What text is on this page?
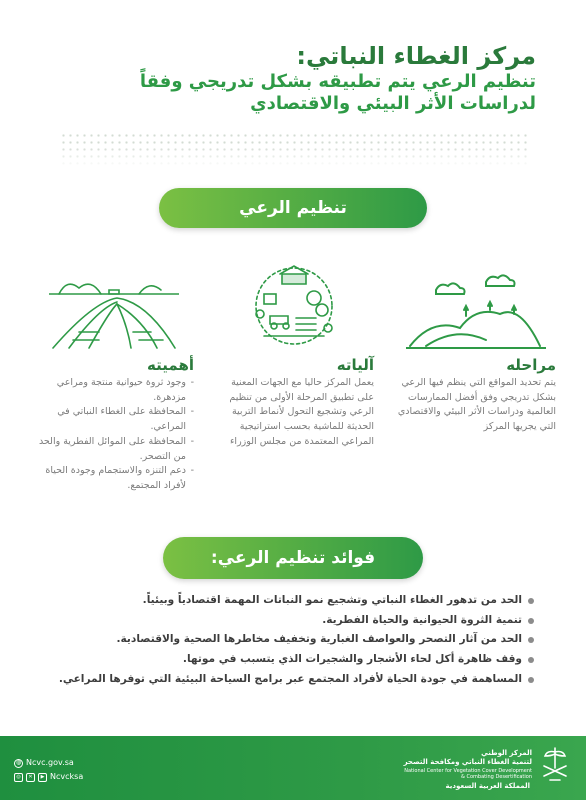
مركز الغطاء النباتي:
تنظيم الرعي يتم تطبيقه بشكل تدريجي وفقاً
لدراسات الأثر البيئي والاقتصادي
تنظيم الرعي
مراحله

يتم تحديد المواقع التي ينظم فيها الرعي بشكل تدريجي وفق أفضل الممارسات العالمية ودراسات الأثر البيئي والاقتصادي التي يجريها المركز

آلياته

يعمل المركز حاليا مع الجهات المعنية على تطبيق المرحلة الأولى من تنظيم الرعي وتشجيع التحول لأنماط التربية الحديثة للماشية بحسب استراتيجية المراعي المعتمدة من مجلس الوزراء

أهميته
- وجود ثروة حيوانية منتجة ومراعي مزدهرة.
- المحافظة على الغطاء النباتي في المراعي.
- المحافظة على الموائل الفطرية والحد من التصحر.
- دعم التنزه والاستجمام وجودة الحياة لأفراد المجتمع.
فوائد تنظيم الرعي:
الحد من تدهور الغطاء النباتي وتشجيع نمو النباتات المهمة اقتصادياً وبيئياً.
تنمية الثروة الحيوانية والحياة الفطرية.
الحد من آثار التصحر والعواصف الغبارية وتخفيف مخاطرها الصحية والاقتصادية.
وقف ظاهرة أكل لحاء الأشجار والشجيرات الذي يتسبب في موتها.
المساهمة في جودة الحياة لأفراد المجتمع عبر برامج السياحة البيئية التي توفرها المراعي.
المركز الوطني
لتنمية الغطاء النباتي ومكافحة التصحر
National Center for Vegetation Cover Development
& Combating Desertification
المملكة العربية السعودية
◍ Ncvc.gov.sa
◎	✕	▶ Ncvcksa
